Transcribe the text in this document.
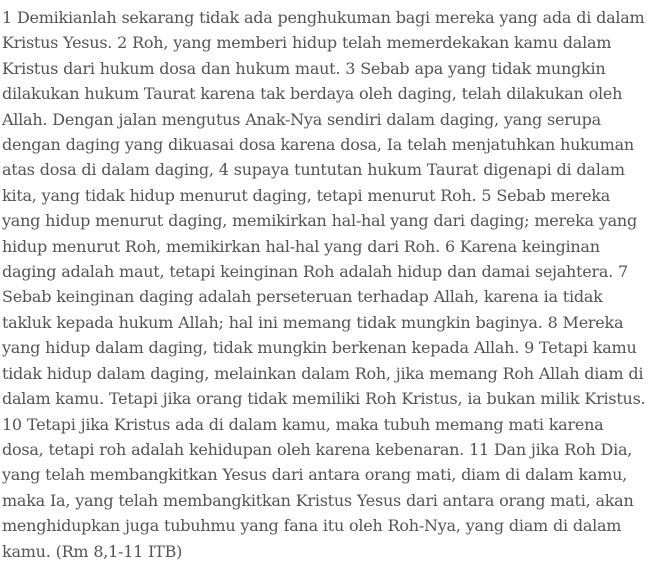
1 Demikianlah sekarang tidak ada penghukuman bagi mereka yang ada di dalam Kristus Yesus. 2 Roh, yang memberi hidup telah memerdekakan kamu dalam Kristus dari hukum dosa dan hukum maut. 3 Sebab apa yang tidak mungkin dilakukan hukum Taurat karena tak berdaya oleh daging, telah dilakukan oleh Allah. Dengan jalan mengutus Anak-Nya sendiri dalam daging, yang serupa dengan daging yang dikuasai dosa karena dosa, Ia telah menjatuhkan hukuman atas dosa di dalam daging, 4 supaya tuntutan hukum Taurat digenapi di dalam kita, yang tidak hidup menurut daging, tetapi menurut Roh. 5 Sebab mereka yang hidup menurut daging, memikirkan hal-hal yang dari daging; mereka yang hidup menurut Roh, memikirkan hal-hal yang dari Roh. 6 Karena keinginan daging adalah maut, tetapi keinginan Roh adalah hidup dan damai sejahtera. 7 Sebab keinginan daging adalah perseteruan terhadap Allah, karena ia tidak takluk kepada hukum Allah; hal ini memang tidak mungkin baginya. 8 Mereka yang hidup dalam daging, tidak mungkin berkenan kepada Allah. 9 Tetapi kamu tidak hidup dalam daging, melainkan dalam Roh, jika memang Roh Allah diam di dalam kamu. Tetapi jika orang tidak memiliki Roh Kristus, ia bukan milik Kristus. 10 Tetapi jika Kristus ada di dalam kamu, maka tubuh memang mati karena dosa, tetapi roh adalah kehidupan oleh karena kebenaran. 11 Dan jika Roh Dia, yang telah membangkitkan Yesus dari antara orang mati, diam di dalam kamu, maka Ia, yang telah membangkitkan Kristus Yesus dari antara orang mati, akan menghidupkan juga tubuhmu yang fana itu oleh Roh-Nya, yang diam di dalam kamu. (Rm 8,1-11 ITB)
